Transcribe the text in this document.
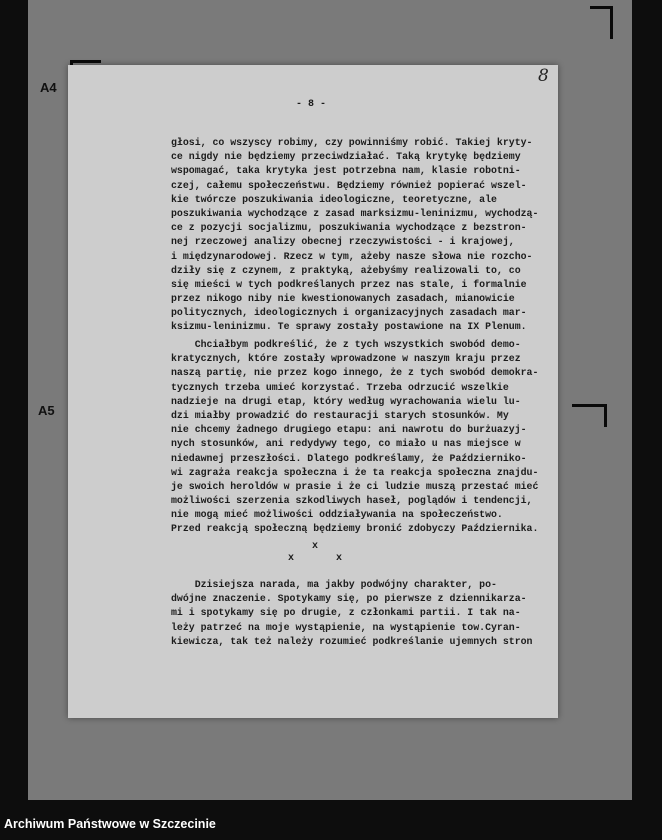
A4
A5
8
- 8 -
głosi, co wszyscy robimy, czy powinniśmy robić. Takiej kryty-
ce nigdy nie będziemy przeciwdziałać. Taką krytykę będziemy
wspomagać, taka krytyka jest potrzebna nam, klasie robotni-
czej, całemu społeczeństwu. Będziemy również popierać wszel-
kie twórcze poszukiwania ideologiczne, teoretyczne, ale
poszukiwania wychodzące z zasad marksizmu-leninizmu, wychodzą-
ce z pozycji socjalizmu, poszukiwania wychodzące z bezstron-
nej rzeczowej analizy obecnej rzeczywistości - i krajowej,
i międzynarodowej. Rzecz w tym, ażeby nasze słowa nie rozcho-
dziły się z czynem, z praktyką, ażebyśmy realizowali to, co
się mieści w tych podkreślanych przez nas stale, i formalnie
przez nikogo niby nie kwestionowanych zasadach, mianowicie
politycznych, ideologicznych i organizacyjnych zasadach mar-
ksizmu-leninizmu. Te sprawy zostały postawione na IX Plenum.
Chciałbym podkreślić, że z tych wszystkich swobód demo-
kratycznych, które zostały wprowadzone w naszym kraju przez
naszą partię, nie przez kogo innego, że z tych swobód demokra-
tycznych trzeba umieć korzystać. Trzeba odrzucić wszelkie
nadzieje na drugi etap, który według wyrachowania wielu lu-
dzi miałby prowadzić do restauracji starych stosunków. My
nie chcemy żadnego drugiego etapu: ani nawrotu do burżuazyj-
nych stosunków, ani redydywy tego, co miało u nas miejsce w
niedawnej przeszłości. Dlatego podkreślamy, że Październiko-
wi zagraża reakcja społeczna i że ta reakcja społeczna znajdu-
je swoich heroldów w prasie i że ci ludzie muszą przestać mieć
możliwości szerzenia szkodliwych haseł, poglądów i tendencji,
nie mogą mieć możliwości oddziaływania na społeczeństwo.
Przed reakcją społeczną będziemy bronić zdobyczy Października.
x
x	x
Dzisiejsza narada, ma jakby podwójny charakter, po-
dwójne znaczenie. Spotykamy się, po pierwsze z dziennikarza-
mi i spotykamy się po drugie, z członkami partii. I tak na-
leży patrzeć na moje wystąpienie, na wystąpienie tow.Cyran-
kiewicza, tak też należy rozumieć podkreślanie ujemnych stron
Archiwum Państwowe w Szczecinie
